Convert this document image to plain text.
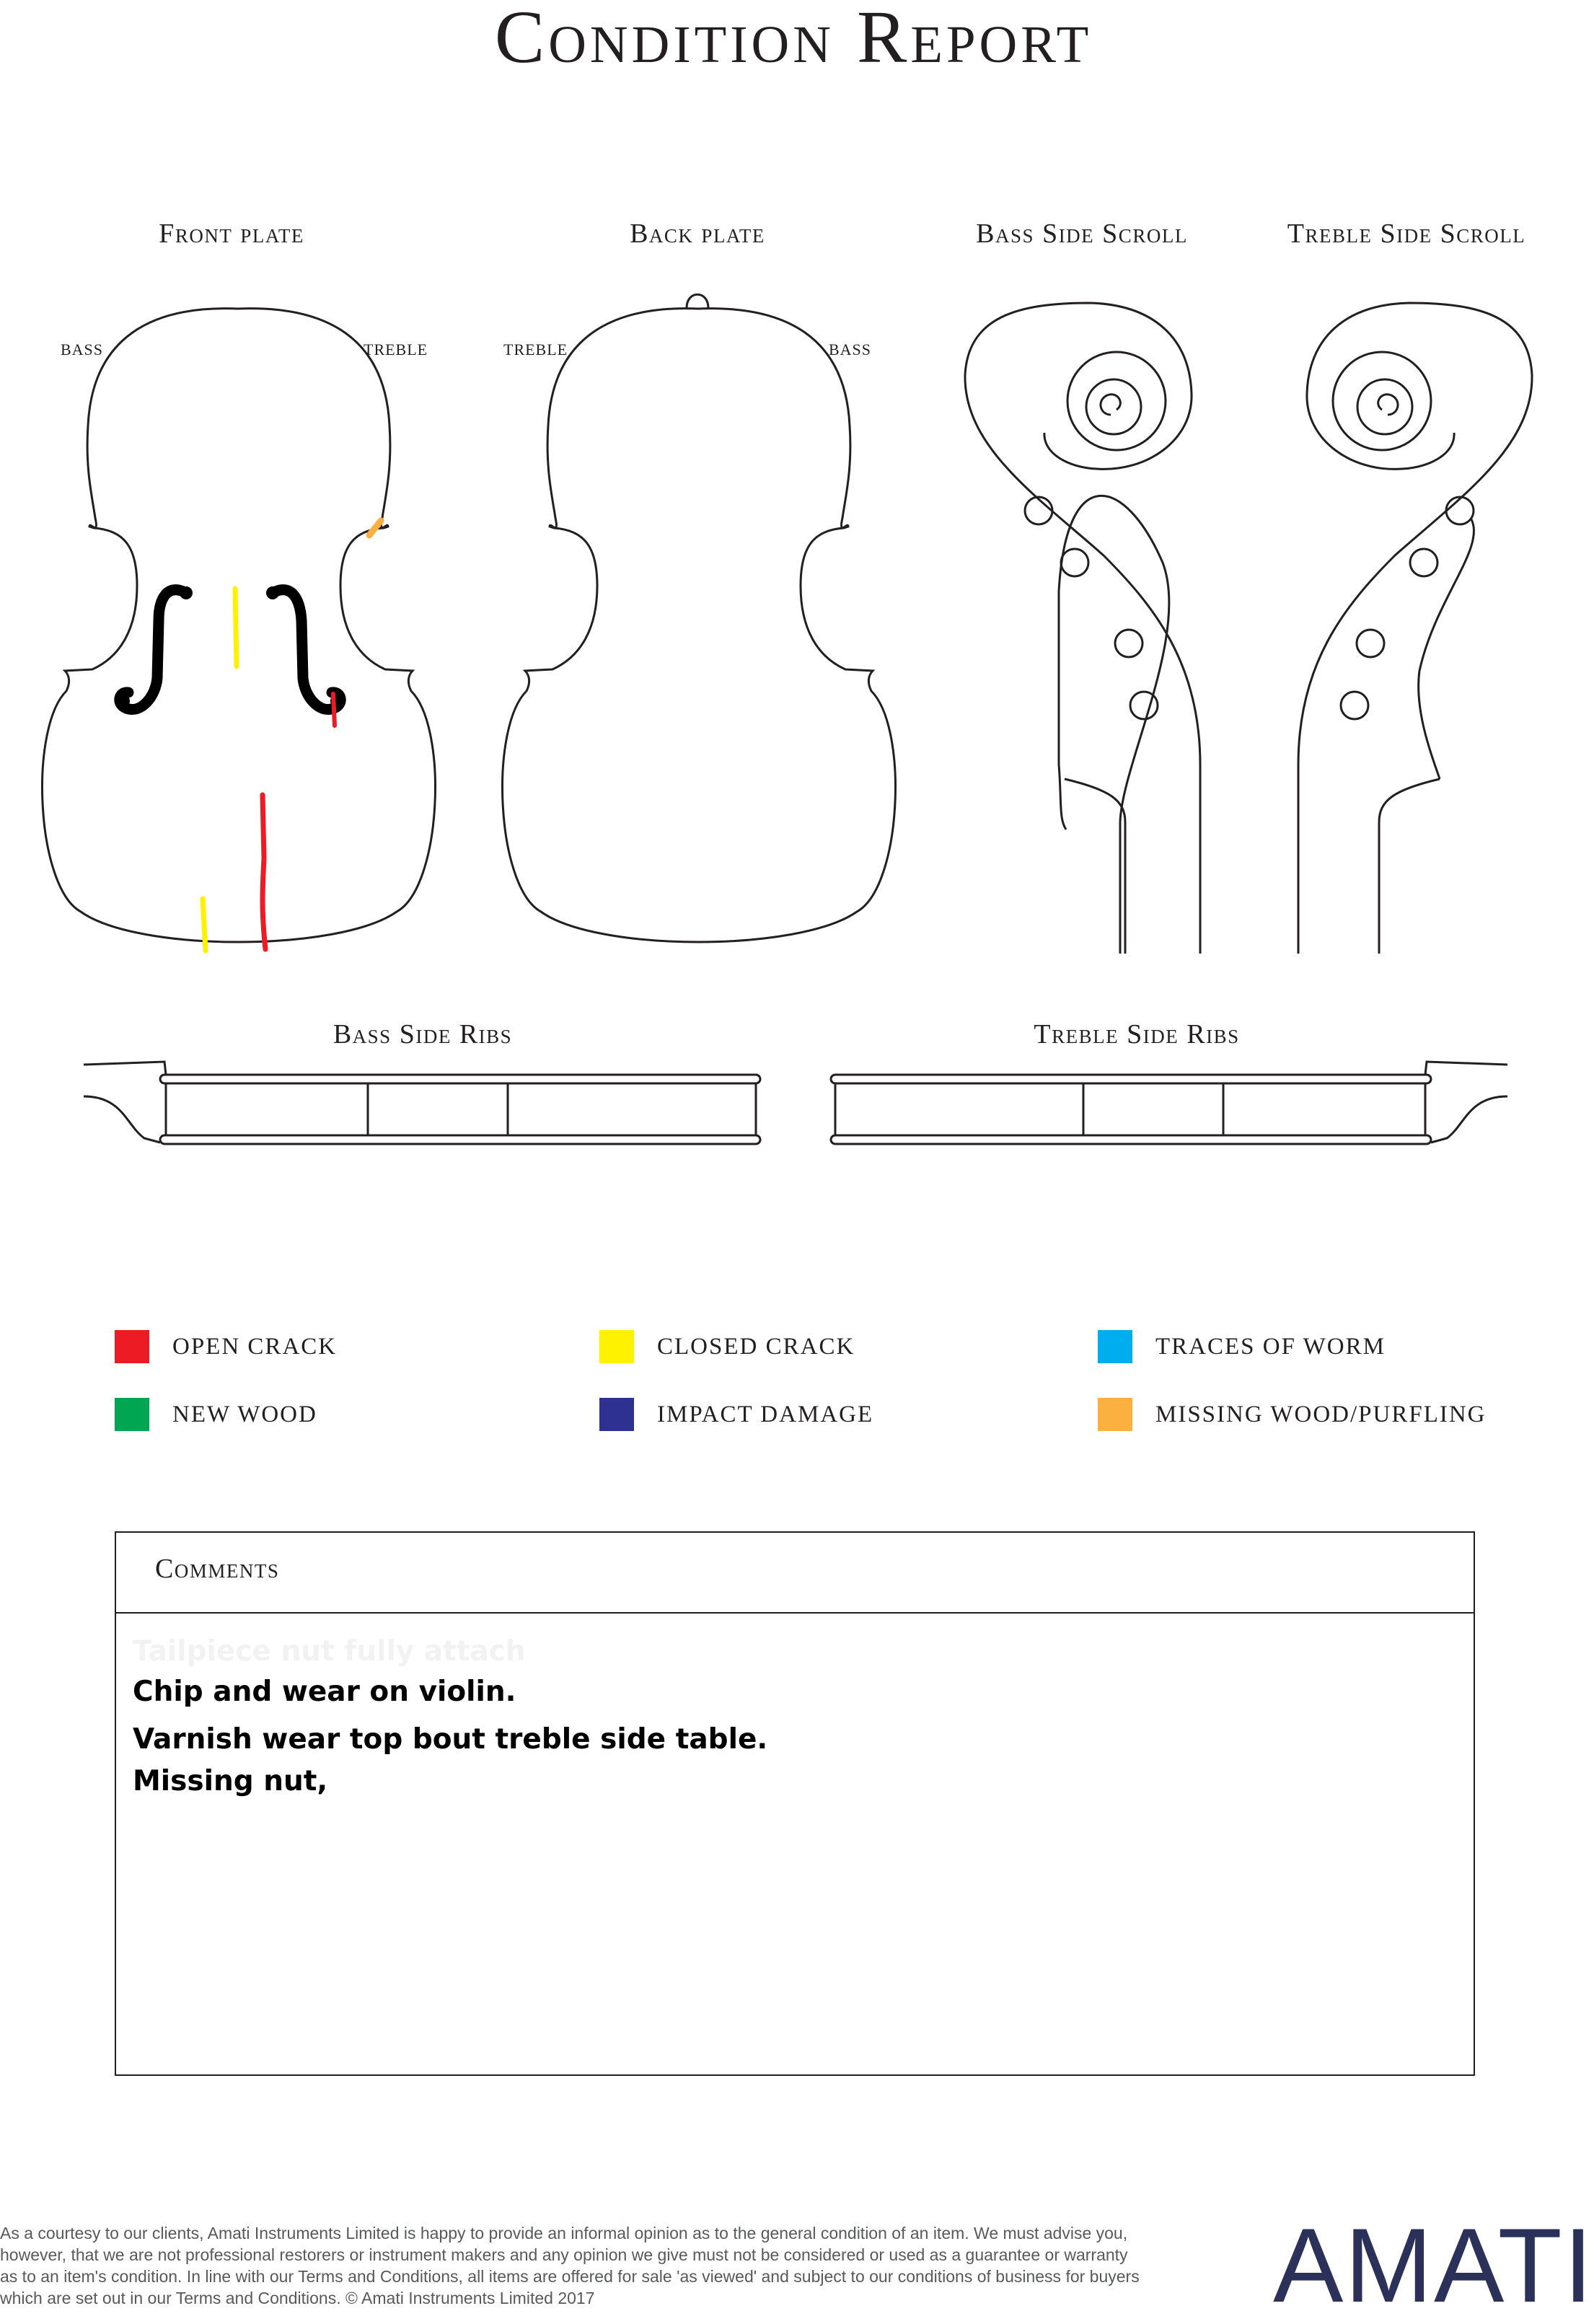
Condition Report
Front plate	Back plate	Bass Side Scroll	Treble Side Scroll
Bass Side Ribs	Treble Side Ribs
BASS	TREBLE	TREBLE	BASS
OPEN CRACK	CLOSED CRACK	TRACES OF WORM
NEW WOOD	IMPACT DAMAGE	MISSING WOOD/PURFLING
Comments
Tailpiece nut fully attach
Chip and wear on violin.
Varnish wear top bout treble side table.
Missing nut,
As a courtesy to our clients, Amati Instruments Limited is happy to provide an informal opinion as to the general condition of an item. We must advise you, however, that we are not professional restorers or instrument makers and any opinion we give must not be considered or used as a guarantee or warranty as to an item's condition. In line with our Terms and Conditions, all items are offered for sale 'as viewed' and subject to our conditions of business for buyers which are set out in our Terms and Conditions. © Amati Instruments Limited 2017	AMATI
